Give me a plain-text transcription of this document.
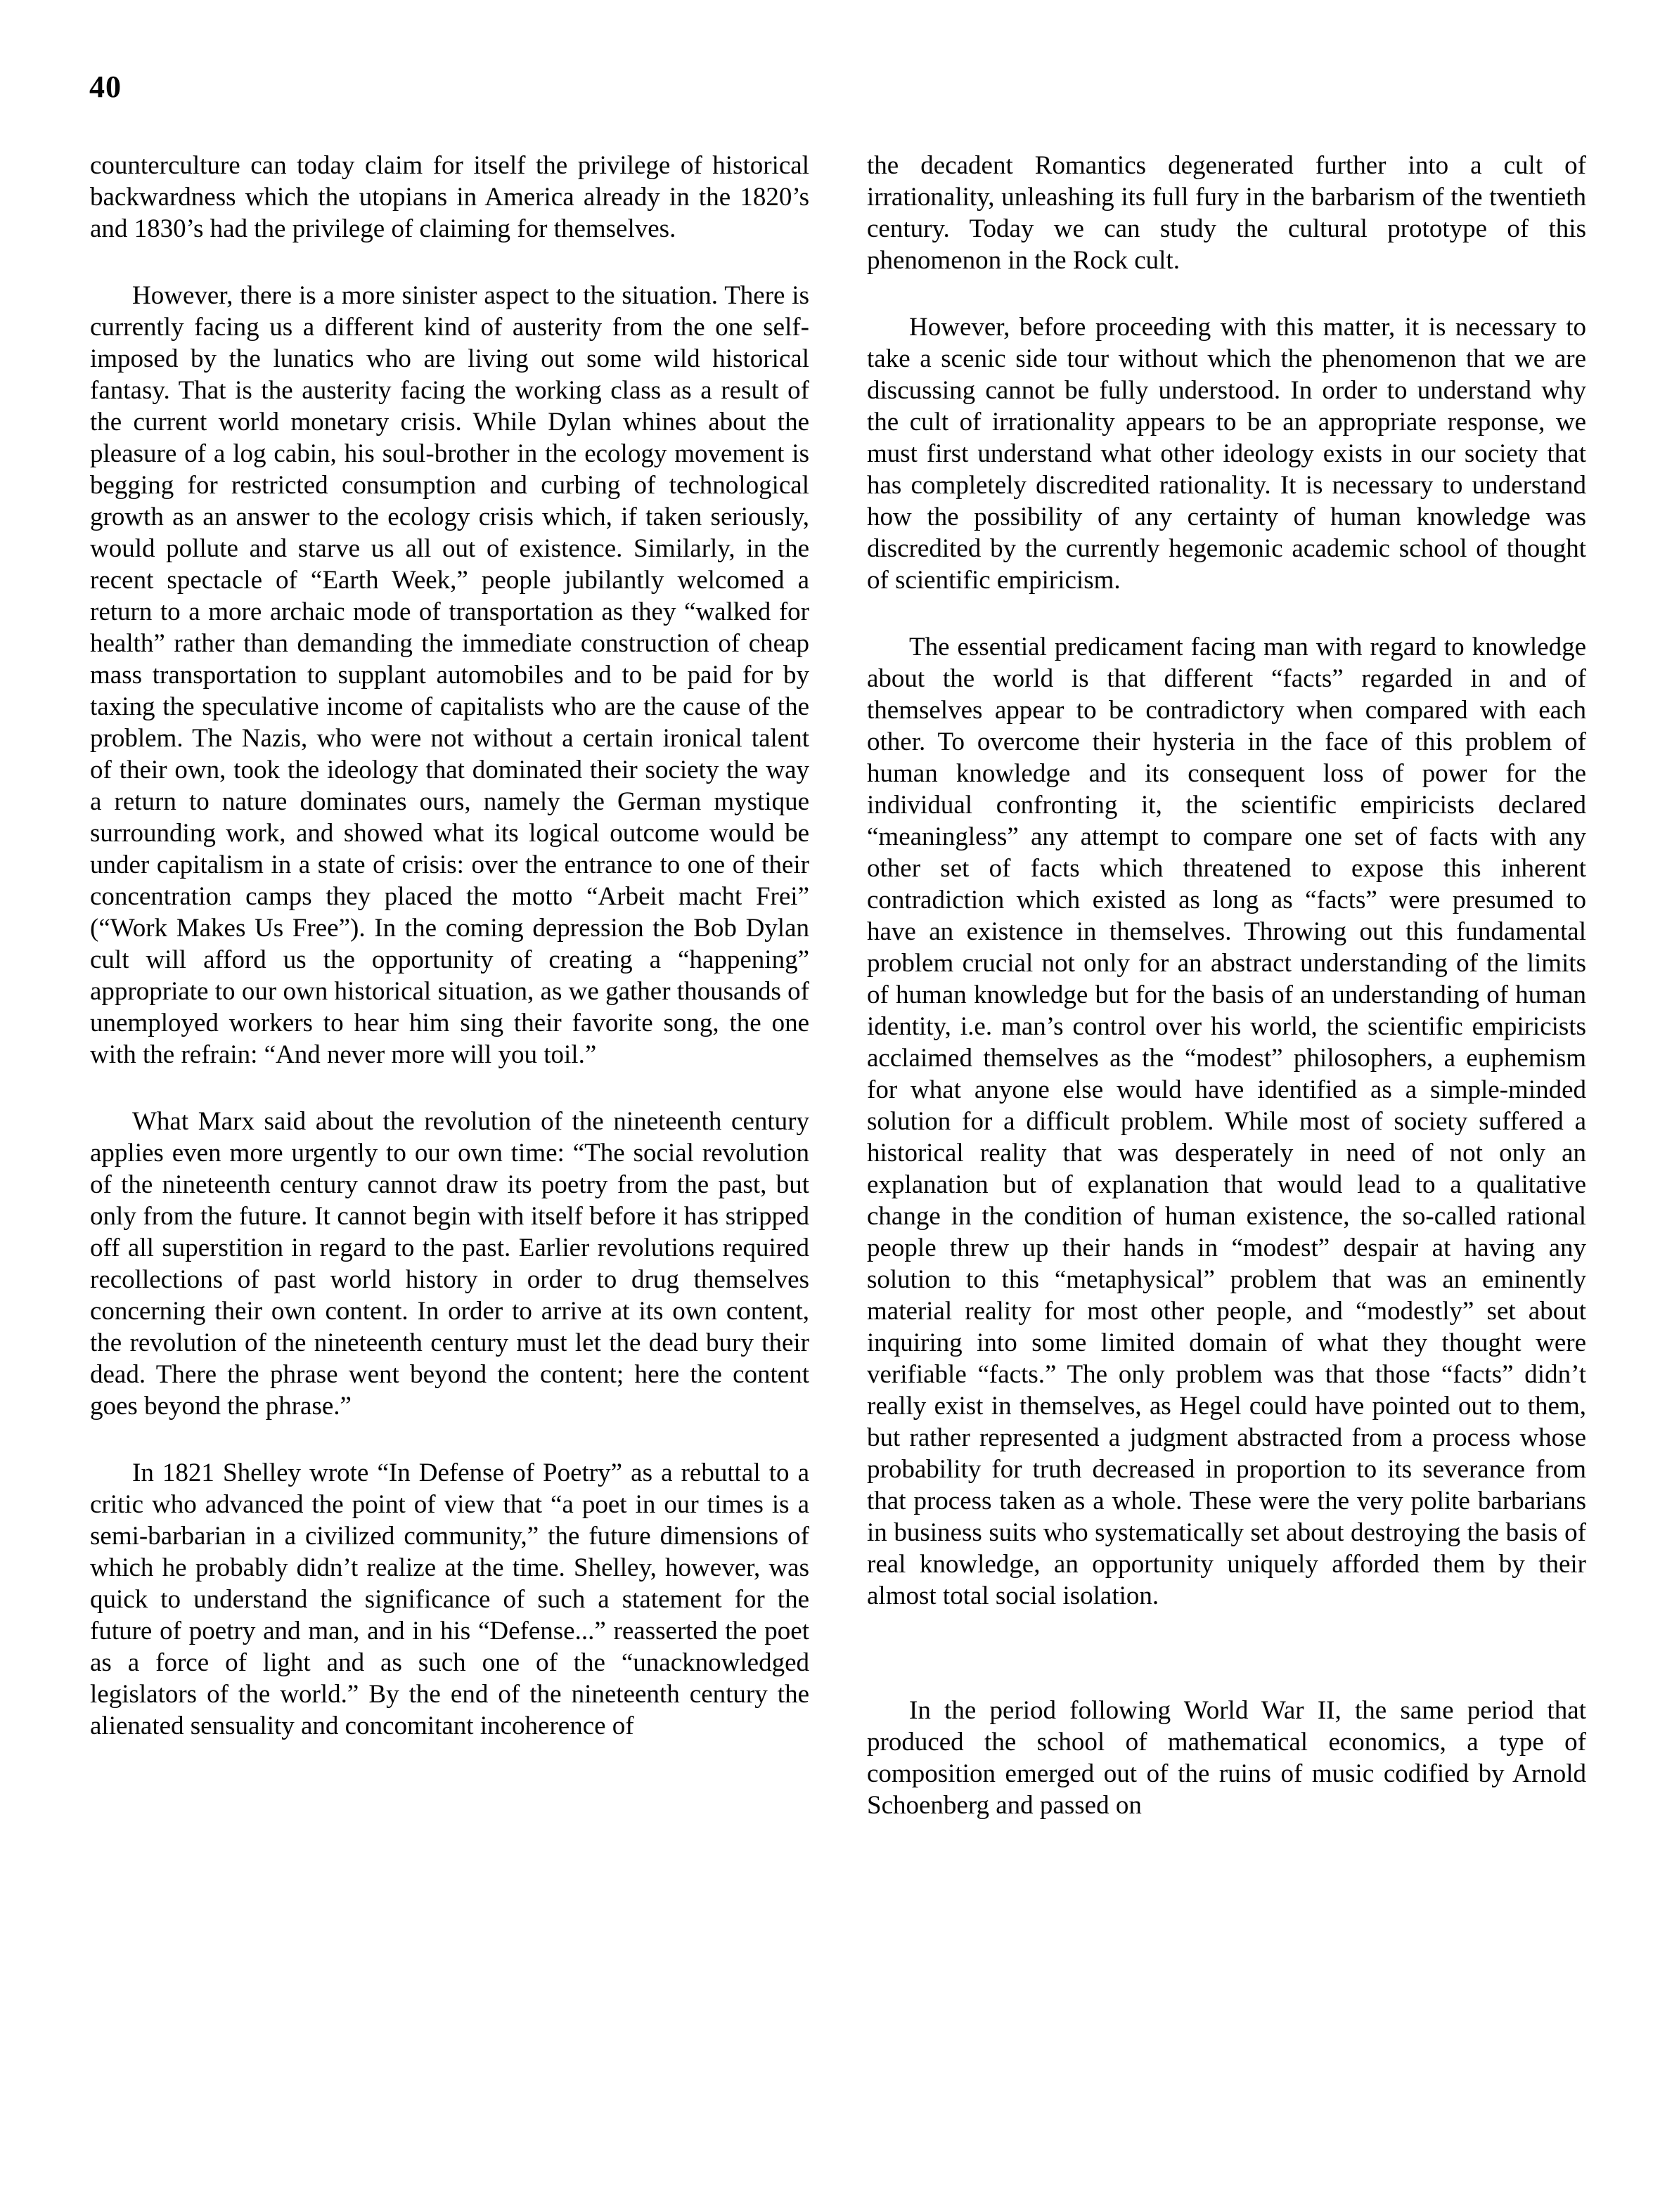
40

counterculture can today claim for itself the privilege of historical backwardness which the utopians in America already in the 1820’s and 1830’s had the privilege of claiming for themselves.

However, there is a more sinister aspect to the situation. There is currently facing us a different kind of austerity from the one self-imposed by the lunatics who are living out some wild historical fantasy. That is the austerity facing the working class as a result of the current world monetary crisis. While Dylan whines about the pleasure of a log cabin, his soul-brother in the ecology movement is begging for restricted consumption and curbing of technological growth as an answer to the ecology crisis which, if taken seriously, would pollute and starve us all out of existence. Similarly, in the recent spectacle of “Earth Week,” people jubilantly welcomed a return to a more archaic mode of transportation as they “walked for health” rather than demanding the immediate construction of cheap mass transportation to supplant automobiles and to be paid for by taxing the speculative income of capitalists who are the cause of the problem. The Nazis, who were not without a certain ironical talent of their own, took the ideology that dominated their society the way a return to nature dominates ours, namely the German mystique surrounding work, and showed what its logical outcome would be under capitalism in a state of crisis: over the entrance to one of their concentration camps they placed the motto “Arbeit macht Frei” (“Work Makes Us Free”). In the coming depression the Bob Dylan cult will afford us the opportunity of creating a “happening” appropriate to our own historical situation, as we gather thousands of unemployed workers to hear him sing their favorite song, the one with the refrain: “And never more will you toil.”

What Marx said about the revolution of the nineteenth century applies even more urgently to our own time: “The social revolution of the nineteenth century cannot draw its poetry from the past, but only from the future. It cannot begin with itself before it has stripped off all superstition in regard to the past. Earlier revolutions required recollections of past world history in order to drug themselves concerning their own content. In order to arrive at its own content, the revolution of the nineteenth century must let the dead bury their dead. There the phrase went beyond the content; here the content goes beyond the phrase.”

In 1821 Shelley wrote “In Defense of Poetry” as a rebuttal to a critic who advanced the point of view that “a poet in our times is a semi-barbarian in a civilized community,” the future dimensions of which he probably didn’t realize at the time. Shelley, however, was quick to understand the significance of such a statement for the future of poetry and man, and in his “Defense...” reasserted the poet as a force of light and as such one of the “unacknowledged legislators of the world.” By the end of the nineteenth century the alienated sensuality and concomitant incoherence of

the decadent Romantics degenerated further into a cult of irrationality, unleashing its full fury in the barbarism of the twentieth century. Today we can study the cultural prototype of this phenomenon in the Rock cult.

However, before proceeding with this matter, it is necessary to take a scenic side tour without which the phenomenon that we are discussing cannot be fully understood. In order to understand why the cult of irrationality appears to be an appropriate response, we must first understand what other ideology exists in our society that has completely discredited rationality. It is necessary to understand how the possibility of any certainty of human knowledge was discredited by the currently hegemonic academic school of thought of scientific empiricism.

The essential predicament facing man with regard to knowledge about the world is that different “facts” regarded in and of themselves appear to be contradictory when compared with each other. To overcome their hysteria in the face of this problem of human knowledge and its consequent loss of power for the individual confronting it, the scientific empiricists declared “meaningless” any attempt to compare one set of facts with any other set of facts which threatened to expose this inherent contradiction which existed as long as “facts” were presumed to have an existence in themselves. Throwing out this fundamental problem crucial not only for an abstract understanding of the limits of human knowledge but for the basis of an understanding of human identity, i.e. man’s control over his world, the scientific empiricists acclaimed themselves as the “modest” philosophers, a euphemism for what anyone else would have identified as a simple-minded solution for a difficult problem. While most of society suffered a historical reality that was desperately in need of not only an explanation but of explanation that would lead to a qualitative change in the condition of human existence, the so-called rational people threw up their hands in “modest” despair at having any solution to this “metaphysical” problem that was an eminently material reality for most other people, and “modestly” set about inquiring into some limited domain of what they thought were verifiable “facts.” The only problem was that those “facts” didn’t really exist in themselves, as Hegel could have pointed out to them, but rather represented a judgment abstracted from a process whose probability for truth decreased in proportion to its severance from that process taken as a whole. These were the very polite barbarians in business suits who systematically set about destroying the basis of real knowledge, an opportunity uniquely afforded them by their almost total social isolation.

In the period following World War II, the same period that produced the school of mathematical economics, a type of composition emerged out of the ruins of music codified by Arnold Schoenberg and passed on
